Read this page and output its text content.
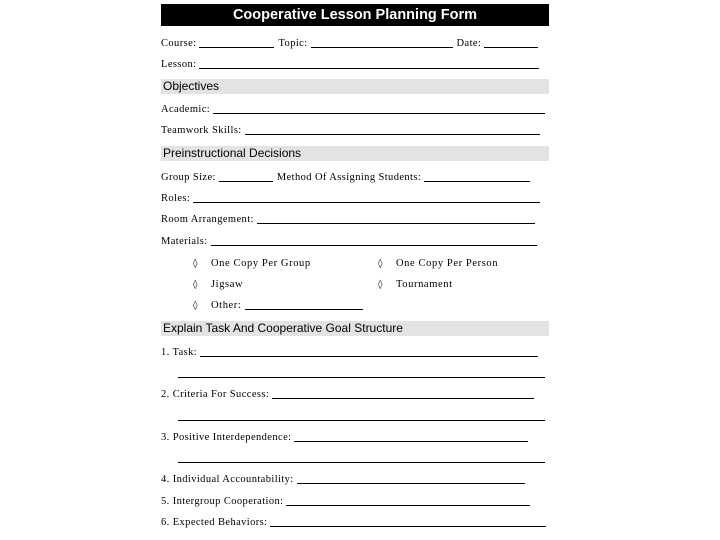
Cooperative Lesson Planning Form
Course:	Topic:	Date:
Lesson:
Objectives
Academic:
Teamwork Skills:
Preinstructional Decisions
Group Size:	Method Of Assigning Students:
Roles:
Room Arrangement:
Materials:
◊	One Copy Per Group	◊	One Copy Per Person
◊	Jigsaw	◊	Tournament
◊	Other:
Explain Task And Cooperative Goal Structure
1. Task:
2. Criteria For Success:
3. Positive Interdependence:
4. Individual Accountability:
5. Intergroup Cooperation:
6. Expected Behaviors:
